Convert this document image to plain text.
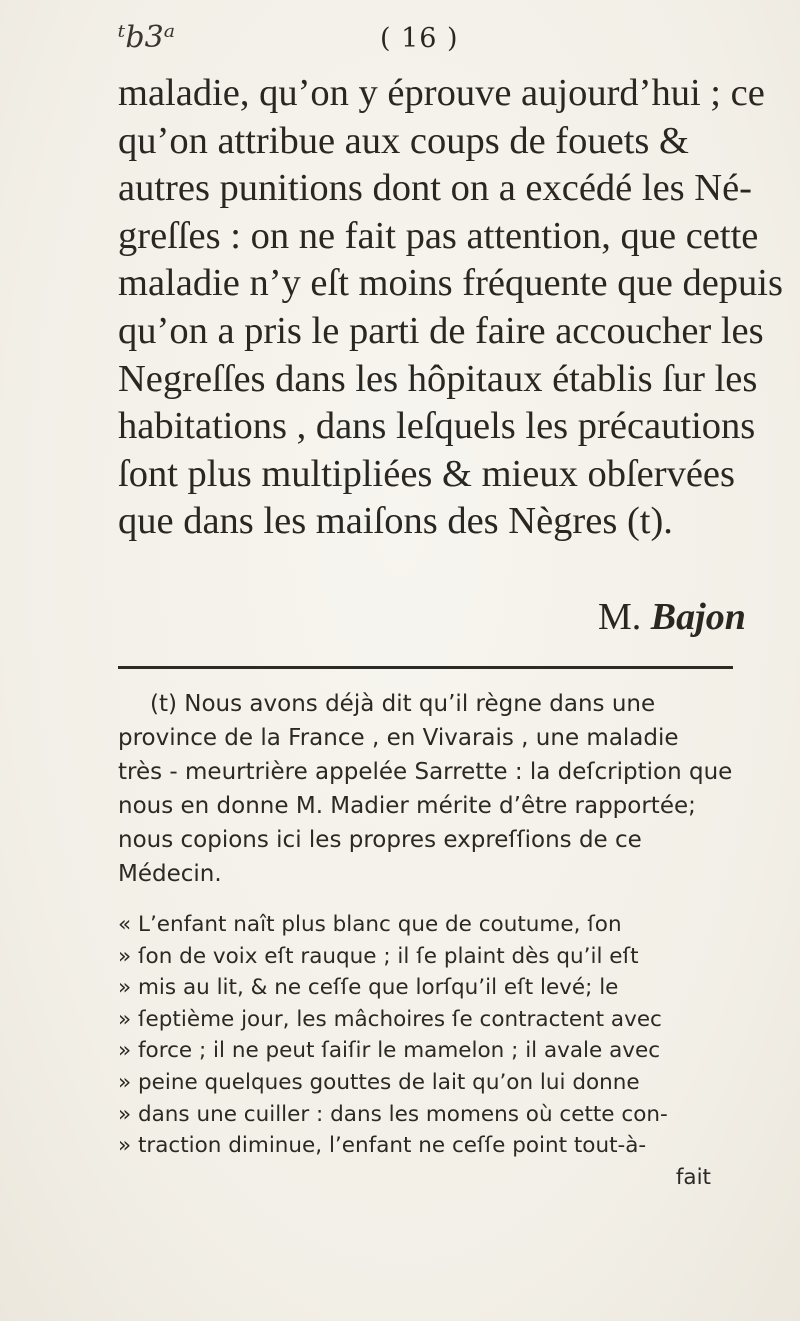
ᵗb3ᵃ	( 16 )
maladie, qu’on y éprouve aujourd’hui ; ce
qu’on attribue aux coups de fouets &
autres punitions dont on a excédé les Né-
greſſes : on ne fait pas attention, que cette
maladie n’y eſt moins fréquente que depuis
qu’on a pris le parti de faire accoucher les
Negreſſes dans les hôpitaux établis ſur les
habitations , dans leſquels les précautions
ſont plus multipliées & mieux obſervées
que dans les maiſons des Nègres (t).
M. Bajon
(t) Nous avons déjà dit qu’il règne dans une
province de la France , en Vivarais , une maladie
très - meurtrière appelée Sarrette : la deſcription que
nous en donne M. Madier mérite d’être rapportée;
nous copions ici les propres expreſſions de ce
Médecin.
« L’enfant naît plus blanc que de coutume, ſon
» ſon de voix eſt rauque ; il ſe plaint dès qu’il eſt
» mis au lit, & ne ceſſe que lorſqu’il eſt levé; le
» ſeptième jour, les mâchoires ſe contractent avec
» force ; il ne peut ſaiſir le mamelon ; il avale avec
» peine quelques gouttes de lait qu’on lui donne
» dans une cuiller : dans les momens où cette con-
» traction diminue, l’enfant ne ceſſe point tout-à-
fait
